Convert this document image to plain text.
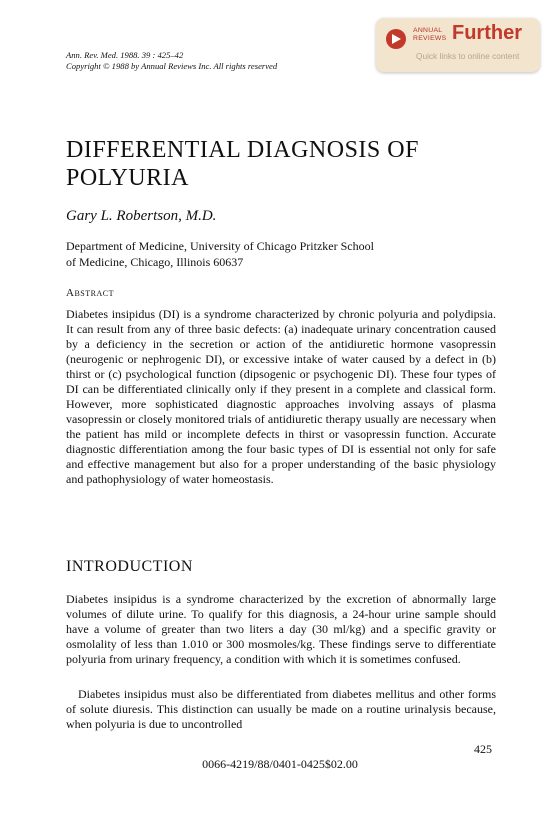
Ann. Rev. Med. 1988. 39 : 425–42
Copyright © 1988 by Annual Reviews Inc. All rights reserved
ANNUAL
REVIEWS Further
Quick links to online content
DIFFERENTIAL DIAGNOSIS OF
POLYURIA
Gary L. Robertson, M.D.
Department of Medicine, University of Chicago Pritzker School
of Medicine, Chicago, Illinois 60637
Abstract
Diabetes insipidus (DI) is a syndrome characterized by chronic polyuria and polydipsia. It can result from any of three basic defects: (a) inadequate urinary concentration caused by a deficiency in the secretion or action of the antidiuretic hormone vasopressin (neurogenic or nephrogenic DI), or excessive intake of water caused by a defect in (b) thirst or (c) psychological function (dipsogenic or psychogenic DI). These four types of DI can be differentiated clinically only if they present in a complete and classical form. However, more sophisticated diagnostic approaches involving assays of plasma vasopressin or closely monitored trials of antidiuretic therapy usually are necessary when the patient has mild or incomplete defects in thirst or vasopressin function. Accurate diagnostic differentiation among the four basic types of DI is essential not only for safe and effective management but also for a proper understanding of the basic physiology and pathophysiology of water homeostasis.
INTRODUCTION
Diabetes insipidus is a syndrome characterized by the excretion of abnormally large volumes of dilute urine. To qualify for this diagnosis, a 24-hour urine sample should have a volume of greater than two liters a day (30 ml/kg) and a specific gravity or osmolality of less than 1.010 or 300 mosmoles/kg. These findings serve to differentiate polyuria from urinary frequency, a condition with which it is sometimes confused.
Diabetes insipidus must also be differentiated from diabetes mellitus and other forms of solute diuresis. This distinction can usually be made on a routine urinalysis because, when polyuria is due to uncontrolled
425
0066-4219/88/0401-0425$02.00
